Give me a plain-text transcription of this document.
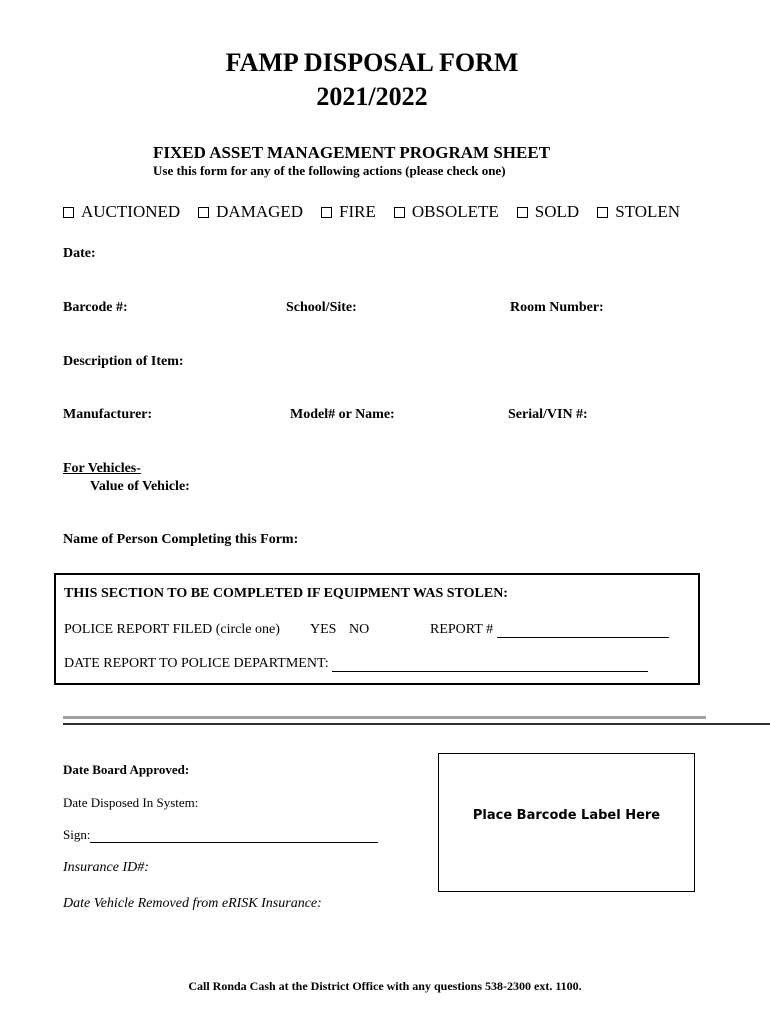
FAMP DISPOSAL FORM
2021/2022
FIXED ASSET MANAGEMENT PROGRAM SHEET
Use this form for any of the following actions (please check one)
AUCTIONED DAMAGED FIRE OBSOLETE SOLD STOLEN
Date:
Barcode #:	School/Site:	Room Number:
Description of Item:
Manufacturer:	Model# or Name:	Serial/VIN #:
For Vehicles-
Value of Vehicle:
Name of Person Completing this Form:
THIS SECTION TO BE COMPLETED IF EQUIPMENT WAS STOLEN:
POLICE REPORT FILED (circle one) YES NO	REPORT #
DATE REPORT TO POLICE DEPARTMENT:
Date Board Approved:
Date Disposed In System:
Sign:
Insurance ID#:
Date Vehicle Removed from eRISK Insurance:
Place Barcode Label Here
Call Ronda Cash at the District Office with any questions 538-2300 ext. 1100.
